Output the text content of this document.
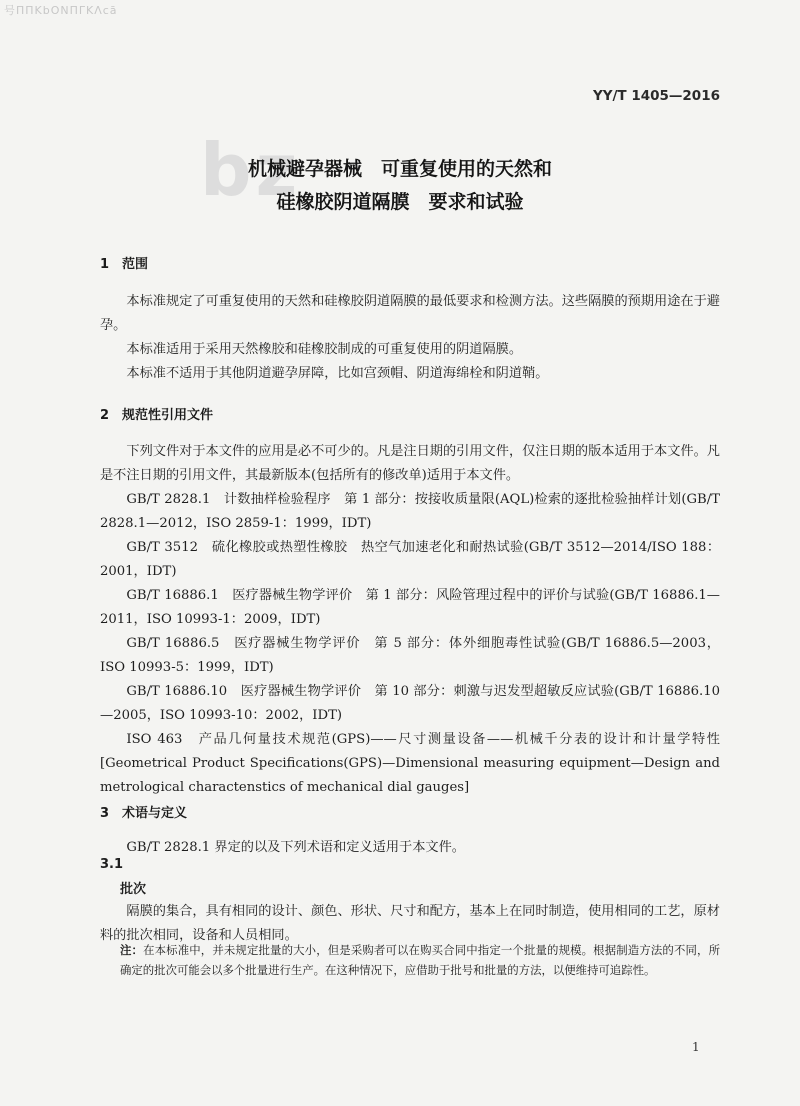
号ΠΠKbΟNΠΓKΛcā
bz
YY/T 1405—2016
机械避孕器械　可重复使用的天然和
硅橡胶阴道隔膜　要求和试验
1 范围
本标准规定了可重复使用的天然和硅橡胶阴道隔膜的最低要求和检测方法。这些隔膜的预期用途在于避孕。
本标准适用于采用天然橡胶和硅橡胶制成的可重复使用的阴道隔膜。
本标准不适用于其他阴道避孕屏障，比如宫颈帽、阴道海绵栓和阴道鞘。
2 规范性引用文件
下列文件对于本文件的应用是必不可少的。凡是注日期的引用文件，仅注日期的版本适用于本文件。凡是不注日期的引用文件，其最新版本(包括所有的修改单)适用于本文件。
GB/T 2828.1　计数抽样检验程序　第 1 部分：按接收质量限(AQL)检索的逐批检验抽样计划(GB/T 2828.1—2012，ISO 2859-1：1999，IDT)
GB/T 3512　硫化橡胶或热塑性橡胶　热空气加速老化和耐热试验(GB/T 3512—2014/ISO 188：2001，IDT)
GB/T 16886.1　医疗器械生物学评价　第 1 部分：风险管理过程中的评价与试验(GB/T 16886.1—2011，ISO 10993-1：2009，IDT)
GB/T 16886.5　医疗器械生物学评价　第 5 部分：体外细胞毒性试验(GB/T 16886.5—2003，ISO 10993-5：1999，IDT)
GB/T 16886.10　医疗器械生物学评价　第 10 部分：刺激与迟发型超敏反应试验(GB/T 16886.10—2005，ISO 10993-10：2002，IDT)
ISO 463　产品几何量技术规范(GPS)——尺寸测量设备——机械千分表的设计和计量学特性 [Geometrical Product Specifications(GPS)—Dimensional measuring equipment—Design and metrological charactenstics of mechanical dial gauges]
3 术语与定义
GB/T 2828.1 界定的以及下列术语和定义适用于本文件。
3.1
批次
隔膜的集合，具有相同的设计、颜色、形状、尺寸和配方，基本上在同时制造，使用相同的工艺，原材料的批次相同，设备和人员相同。
注：在本标准中，并未规定批量的大小，但是采购者可以在购买合同中指定一个批量的规模。根据制造方法的不同，所确定的批次可能会以多个批量进行生产。在这种情况下，应借助于批号和批量的方法，以便维持可追踪性。
1
